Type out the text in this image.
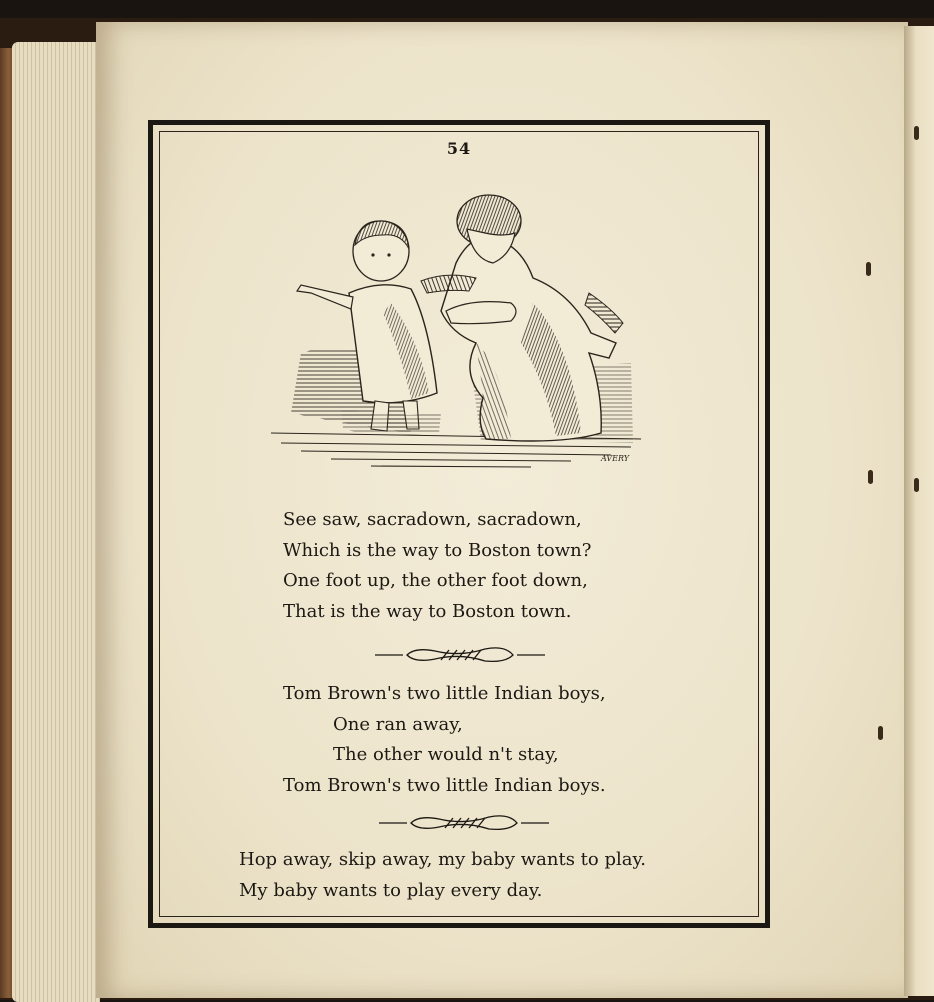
54
AVERY
See saw, sacradown, sacradown,
Which is the way to Boston town?
One foot up, the other foot down,
That is the way to Boston town.
Tom Brown's two little Indian boys,
One ran away,
The other would n't stay,
Tom Brown's two little Indian boys.
Hop away, skip away, my baby wants to play.
My baby wants to play every day.
